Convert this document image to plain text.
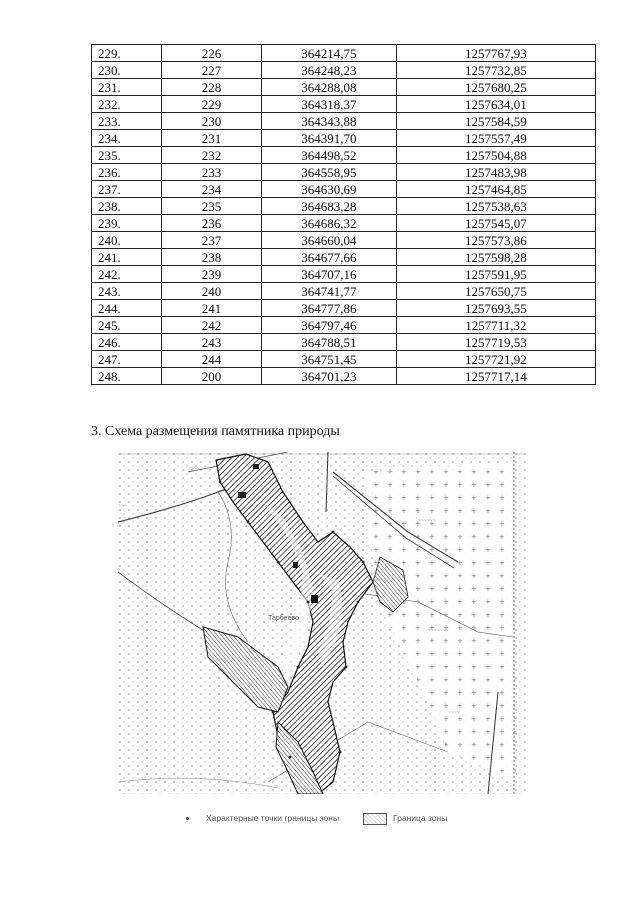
229.	226	364214,75	1257767,93
230.	227	364248,23	1257732,85
231.	228	364288,08	1257680,25
232.	229	364318,37	1257634,01
233.	230	364343,88	1257584,59
234.	231	364391,70	1257557,49
235.	232	364498,52	1257504,88
236.	233	364558,95	1257483,98
237.	234	364630,69	1257464,85
238.	235	364683,28	1257538,63
239.	236	364686,32	1257545,07
240.	237	364660,04	1257573,86
241.	238	364677,66	1257598,28
242.	239	364707,16	1257591,95
243.	240	364741,77	1257650,75
244.	241	364777,86	1257693,55
245.	242	364797,46	1257711,32
246.	243	364788,51	1257719,53
247.	244	364751,45	1257721,92
248.	200	364701,23	1257717,14
3. Схема размещения памятника природы
Тарбеево
~~~~
~~~~~~
~~~~~~~
~~~
~~~~
Характерные точки границы зоны	Граница зоны
